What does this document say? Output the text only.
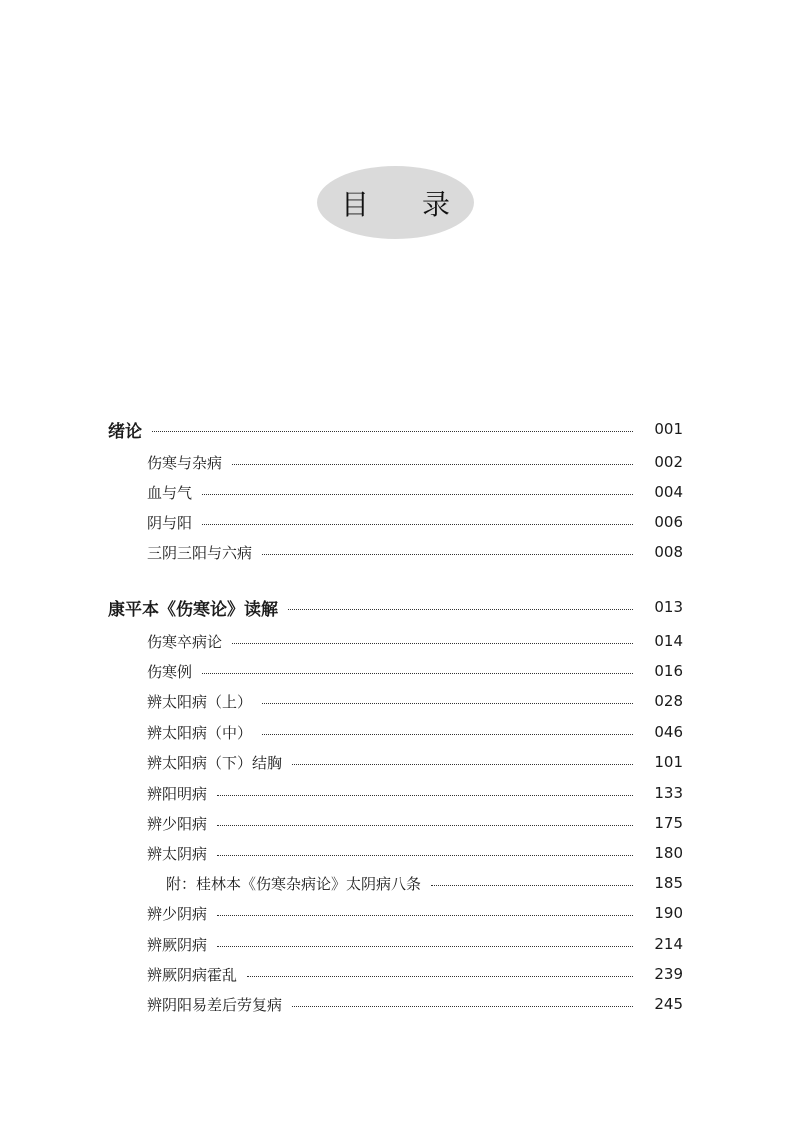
目 录
绪论	001
伤寒与杂病	002
血与气	004
阴与阳	006
三阴三阳与六病	008
康平本《伤寒论》读解	013
伤寒卒病论	014
伤寒例	016
辨太阳病（上）	028
辨太阳病（中）	046
辨太阳病（下）结胸	101
辨阳明病	133
辨少阳病	175
辨太阴病	180
附：桂林本《伤寒杂病论》太阴病八条	185
辨少阴病	190
辨厥阴病	214
辨厥阴病霍乱	239
辨阴阳易差后劳复病	245
